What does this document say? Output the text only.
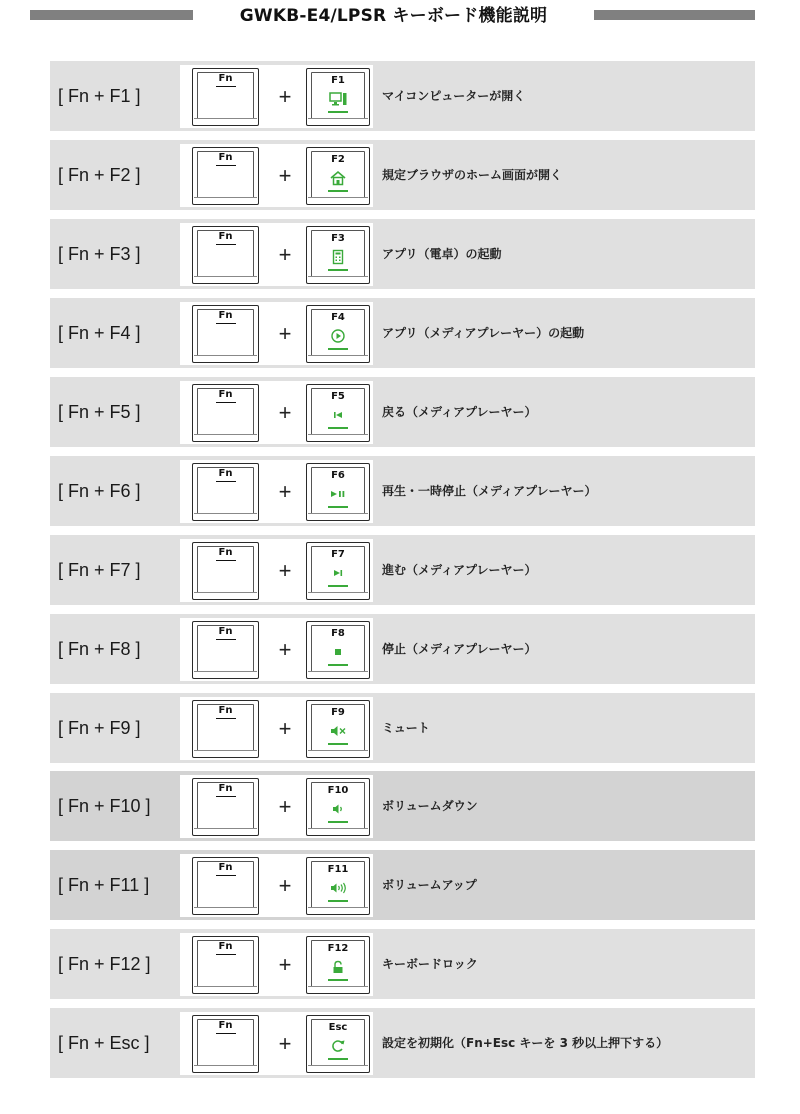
GWKB-E4/LPSR キーボード機能説明
[ Fn + F1 ]
Fn
+
F1
マイコンピューターが開く
[ Fn + F2 ]
Fn
+
F2
規定ブラウザのホーム画面が開く
[ Fn + F3 ]
Fn
+
F3
アプリ（電卓）の起動
[ Fn + F4 ]
Fn
+
F4
アプリ（メディアプレーヤー）の起動
[ Fn + F5 ]
Fn
+
F5
戻る（メディアプレーヤー）
[ Fn + F6 ]
Fn
+
F6
再生・一時停止（メディアプレーヤー）
[ Fn + F7 ]
Fn
+
F7
進む（メディアプレーヤー）
[ Fn + F8 ]
Fn
+
F8
停止（メディアプレーヤー）
[ Fn + F9 ]
Fn
+
F9
ミュート
[ Fn + F10 ]
Fn
+
F10
ボリュームダウン
[ Fn + F11 ]
Fn
+
F11
ボリュームアップ
[ Fn + F12 ]
Fn
+
F12
キーボードロック
[ Fn + Esc ]
Fn
+
Esc
設定を初期化（Fn+Esc キーを 3 秒以上押下する）
